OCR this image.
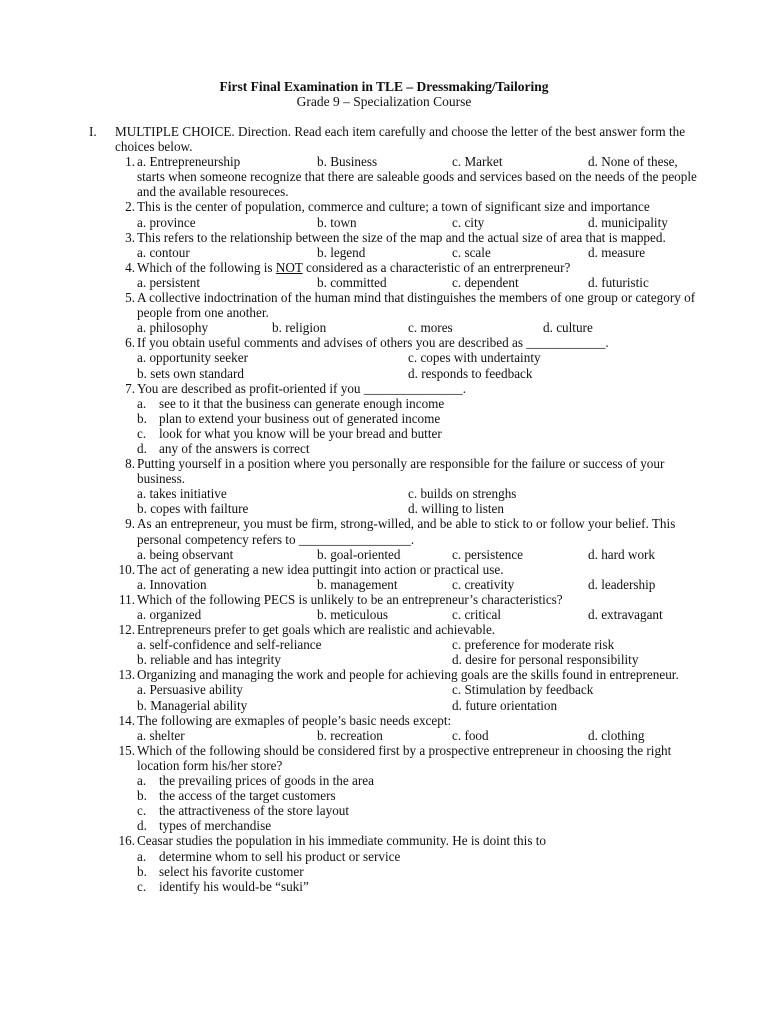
First Final Examination in TLE – Dressmaking/Tailoring
Grade 9 – Specialization Course
I. MULTIPLE CHOICE. Direction. Read each item carefully and choose the letter of the best answer form the choices below.
1. a. Entrepreneurship	b. Business	c. Market	d. None of these,
starts when someone recognize that there are saleable goods and services based on the needs of the people and the available resoureces.
2. This is the center of population, commerce and culture; a town of significant size and importance
a. province	b. town	c. city	d. municipality
3. This refers to the relationship between the size of the map and the actual size of area that is mapped.
a. contour	b. legend	c. scale	d. measure
4. Which of the following is NOT considered as a characteristic of an entrerpreneur?
a. persistent	b. committed	c. dependent	d. futuristic
5. A collective indoctrination of the human mind that distinguishes the members of one group or category of people from one another.
a. philosophy	b. religion	c. mores	d. culture
6. If you obtain useful comments and advises of others you are described as ____________.
a. opportunity seeker	c. copes with undertainty
b. sets own standard	d. responds to feedback
7. You are described as profit-oriented if you _______________.
a. see to it that the business can generate enough income
b. plan to extend your business out of generated income
c. look for what you know will be your bread and butter
d. any of the answers is correct
8. Putting yourself in a position where you personally are responsible for the failure or success of your business.
a. takes initiative	c. builds on strenghs
b. copes with failture	d. willing to listen
9. As an entrepreneur, you must be firm, strong-willed, and be able to stick to or follow your belief. This personal competency refers to _________________.
a. being observant	b. goal-oriented	c. persistence	d. hard work
10. The act of generating a new idea puttingit into action or practical use.
a. Innovation	b. management	c. creativity	d. leadership
11. Which of the following PECS is unlikely to be an entrepreneur’s characteristics?
a. organized	b. meticulous	c. critical	d. extravagant
12. Entrepreneurs prefer to get goals which are realistic and achievable.
a. self-confidence and self-reliance	c. preference for moderate risk
b. reliable and has integrity	d. desire for personal responsibility
13. Organizing and managing the work and people for achieving goals are the skills found in entrepreneur.
a. Persuasive ability	c. Stimulation by feedback
b. Managerial ability	d. future orientation
14. The following are exmaples of people’s basic needs except:
a. shelter	b. recreation	c. food	d. clothing
15. Which of the following should be considered first by a prospective entrepreneur in choosing the right location form his/her store?
a. the prevailing prices of goods in the area
b. the access of the target customers
c. the attractiveness of the store layout
d. types of merchandise
16. Ceasar studies the population in his immediate community. He is doint this to
a. determine whom to sell his product or service
b. select his favorite customer
c. identify his would-be “suki”
